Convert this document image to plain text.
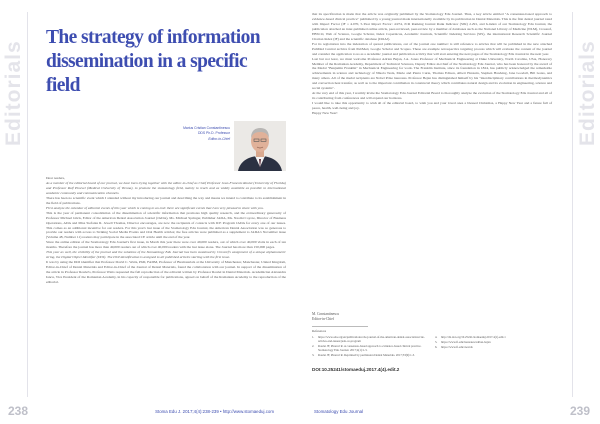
Editorials	Editorials
The strategy of information dissemination in a specific field
Marius Cristian Constantinescu
DDS Ph.D. Professor
Editor-in-Chief

Dear readers,

As a member of the editorial board of our journal, we have been trying together with the editor-in-chief as Chief Professor Jean-Francois Roulet (University of Florida) and Professor Rolf Pinevel (Medical University of Vienna), to promote the stomatology field, mainly to reach and as widely available as possible to international academic community and communication channels.

There has been no scientific event which I attended without my introducing our journal and describing the way and means we intend to contribute to its establishment in the field of publications.

First analyze the calendar of editorial events of this year which is coming to an end: there are significant events that I am very pleased to share with you.

This is the year of permanent consolidation of the dissemination of scientific information that promotes high quality research, and the extraordinary generosity of Professor Michael Glick, Editor of the American Dental Association Journal (JADA), Ms. Michael Springer, Publisher JADA, Ms. Naomi Coyote, Director of Business Operations, ADA and Miss Stefania R. Jewell Thomas, Director encourages, are now the recipients of contacts with ICE Program JADA for every one of our issues. This comes as an additional incentive for our readers. For this year's last issue of the Stomatology Edu Journal, the American Dental Association was so generous to provide our readers with access to Striking Social Media Events and Oral Health articles; the free articles were published as a supplement to JADA's November issue (Volume 48, Number 11) readers may participate in the associated CE article until the end of the year.

Since the online edition of the Stomatology Edu Journal's first issue, in March this year there were over 49,000 readers, out of which over 40,000 visits in each of ten months. Therefore the journal has more than 49,000 readers out of which over 40,000 readers with the last issue alone. The Journal has more than 150,000 pages.

This year as well, the visibility of the journal and the solutions of the Stomatology Edu Journal has been sustained by Crossref's assignment of a unique alphanumeric string, the Digital Object Identifier (DOI). The DOI identification is assigned to all published articles starting with the first issue.

It was by using the DOI identifier that Professor David C. Watts, PhD, FADM, Professor of Biomaterials at the University of Manchester, Manchester, United Kingdom, Editor-in-Chief of Dental Materials and Editor-in-Chief of the Journal of Dental Materials, found the collaboration with our journal. In support of the dissemination of the article in Professor Roulet's, Professor Watts requested the full reproduction of the editorial written by Professor Roulet in Dental Materials. Academician Alexandru Iancu, Vice President of the Romanian Academy, in his capacity of responsible for publications, agreed on behalf of the Romanian Academy to the reproduction of the editorial.

that its specification is made that the article was originally published by the Stomatology Edu Journal. Thus, a key article entitled "A consensus-based approach to evidence-based clinical practice" published by a young journal made internationally available by its publication in Dental Materials. This is the first dental journal rated with Impact Factor (IF = 4.070, 5-Year Impact Factor: 4.974, JCR Ranking Journal Rank Indicator (SJR) 2.291, and h-index of our Stomatology Edu Journal, the publication attached an inter-published online article, peer-reviewed, peer-review by a member of databases such as the National Library of Medicine (NLM), Crossref, EBSCO, Web of Science, Google Scholar, Index Copernicus, Academic Journals, Scientific Indexing Services (SIS), the international Research Scientific Journal Citation Index (IF) and the scientific database (DOAJ).

For its registration into the indexation of quoted publications, out of the journal one number: is still reference to articles that will be published in the new attached PubMed Central archive from PubMed, Google Scholar and Scopus. These are example retrospective targeting process which will evaluate the content of the journal and consider the application to us as a Academic journal and publication activity that will start entering the next pages of the Stomatology Edu Journal in the next year.

Last but not least, we must welcome Professor Adrian Bejan, J.A. Jones Professor of Mechanical Engineering at Duke University, North Carolina, USA, Honorary Member of the Romanian Academy, Department of Technical Sciences, Deputy Editor-in-Chief of the Stomatology Edu Journal, who has been honored by the award of the Medal "Benjamin Franklin" in Mechanical Engineering for work. The Franklin Institute, since its foundation in 1824, has publicly acknowledged the remarkable achievements in science and technology of Nikola Tesla, Marie and Pierre Curie, Thomas Edison, Albert Einstein, Stephen Hawking, Jane Goodall, Bill Gates, and many others. All of the medal recipients are Nobel Prize laureates. Professor Bejan has distinguished himself by his "interdisciplinary contributions in thermodynamics and convection heat transfer, as well as to the important contribution in constructal theory which contributes natural design and its evolution in engineering, science and social systems".

At the very end of this year, I warmly invite the Stomatology Edu Journal Editorial Board to thoroughly analyze the evolution of the Stomatology Edu Journal and all of its contributing from conferences and will expand our horizons.

I would like to take this opportunity to wish all of the editorial board, to wish you and your loved ones a blessed Christmas, a Happy New Year and a future full of peace, health, well-being and joy.

Happy New Year!

M. Constantinescu
Editor-in-Chief
References
1. https://www.ada.org/en/publications/cde-journal-of-the-american-dental-association/cde-articles-and-issues/jada-ce-program
2. Roulet JF, Pinevel R. A consensus-based approach to evidence-based clinical practice. Stomatology Edu Journal. 2017;4(1):1-3.
3. Roulet JF, Pinevel R. Reprinted by permission Dental Materials. 2017;33(9):1-3.
4. http://dx.doi.org/10.25241/stomaeduj.2017.4(1).edit.1
5. https://www.fi.edu/laureates/adrian-bejan
6. https://www.fi.edu/awards
DOI:10.25241/stomaeduj.2017.4(4).edit.2
238	Stoma Edu J. 2017;4(4):238-239 • http://www.stomaeduj.com	Stomatology Edu Journal	239
